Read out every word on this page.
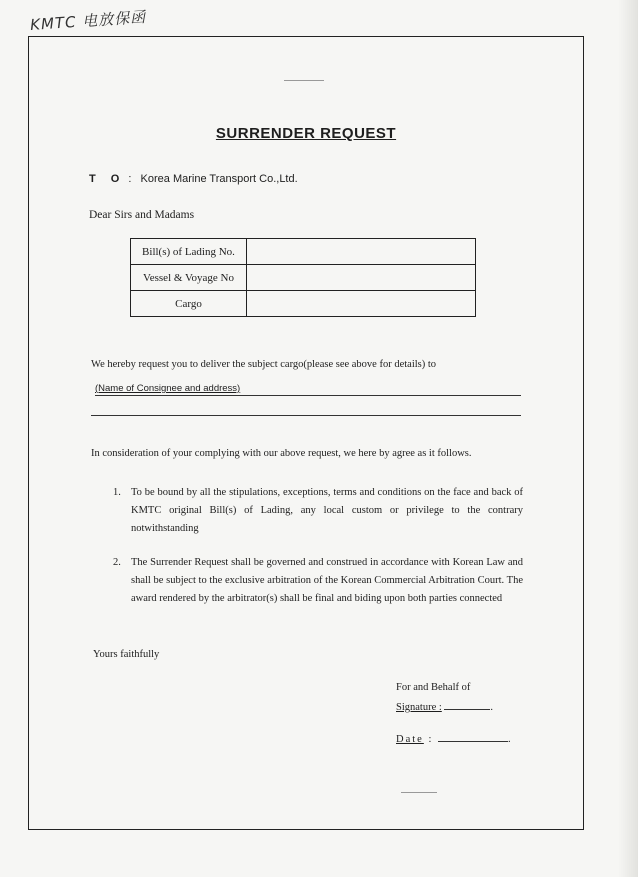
KMTC 电放保函
SURRENDER REQUEST
T O : Korea Marine Transport Co.,Ltd.
Dear Sirs and Madams
Bill(s) of Lading No.	
Vessel & Voyage No	
Cargo	
We hereby request you to deliver the subject cargo(please see above for details) to
(Name of Consignee and address)
In consideration of your complying with our above request, we here by agree as it follows.
1. To be bound by all the stipulations, exceptions, terms and conditions on the face and back of KMTC original Bill(s) of Lading, any local custom or privilege to the contrary notwithstanding
2. The Surrender Request shall be governed and construed in accordance with Korean Law and shall be subject to the exclusive arbitration of the Korean Commercial Arbitration Court. The award rendered by the arbitrator(s) shall be final and biding upon both parties connected
Yours faithfully
For and Behalf of
Signature :	.
Date :	.
